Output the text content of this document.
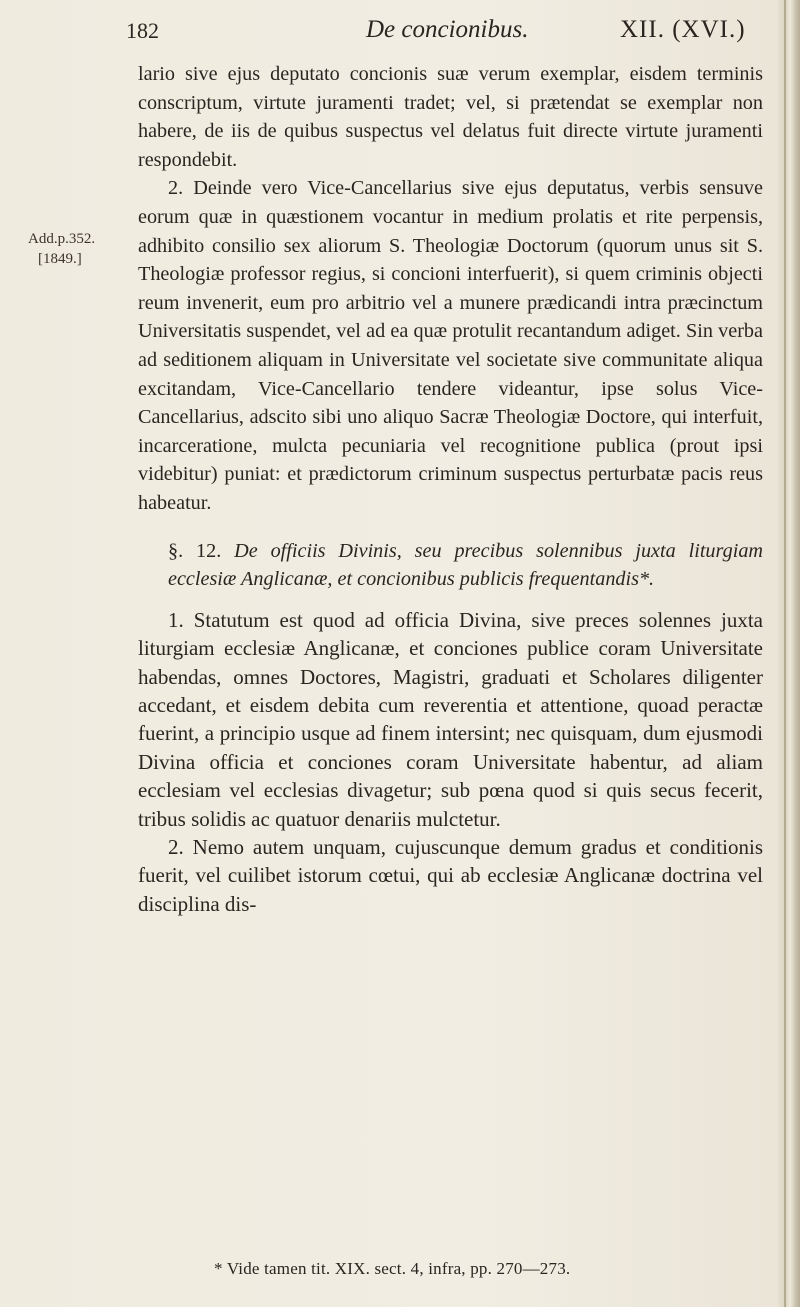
182	De concionibus.	XII. (XVI.)
Add.p.352.
[1849.]

lario sive ejus deputato concionis suæ verum exemplar, eisdem terminis conscriptum, virtute juramenti tradet; vel, si prætendat se exemplar non habere, de iis de quibus suspectus vel delatus fuit directe virtute juramenti respondebit.

2. Deinde vero Vice-Cancellarius sive ejus deputatus, verbis sensuve eorum quæ in quæstionem vocantur in medium prolatis et rite perpensis, adhibito consilio sex aliorum S. Theologiæ Doctorum (quorum unus sit S. Theologiæ professor regius, si concioni interfuerit), si quem criminis objecti reum invenerit, eum pro arbitrio vel a munere prædicandi intra præcinctum Universitatis suspendet, vel ad ea quæ protulit recantandum adiget. Sin verba ad seditionem aliquam in Universitate vel societate sive communitate aliqua excitandam, Vice-Cancellario tendere videantur, ipse solus Vice-Cancellarius, adscito sibi uno aliquo Sacræ Theologiæ Doctore, qui interfuit, incarceratione, mulcta pecuniaria vel recognitione publica (prout ipsi videbitur) puniat: et prædictorum criminum suspectus perturbatæ pacis reus habeatur.

§. 12. De officiis Divinis, seu precibus solennibus juxta liturgiam ecclesiæ Anglicanæ, et concionibus publicis frequentandis*.

1. Statutum est quod ad officia Divina, sive preces solennes juxta liturgiam ecclesiæ Anglicanæ, et conciones publice coram Universitate habendas, omnes Doctores, Magistri, graduati et Scholares diligenter accedant, et eisdem debita cum reverentia et attentione, quoad peractæ fuerint, a principio usque ad finem intersint; nec quisquam, dum ejusmodi Divina officia et conciones coram Universitate habentur, ad aliam ecclesiam vel ecclesias divagetur; sub pœna quod si quis secus fecerit, tribus solidis ac quatuor denariis mulctetur.

2. Nemo autem unquam, cujuscunque demum gradus et conditionis fuerit, vel cuilibet istorum cœtui, qui ab ecclesiæ Anglicanæ doctrina vel disciplina dis-

* Vide tamen tit. XIX. sect. 4, infra, pp. 270—273.
